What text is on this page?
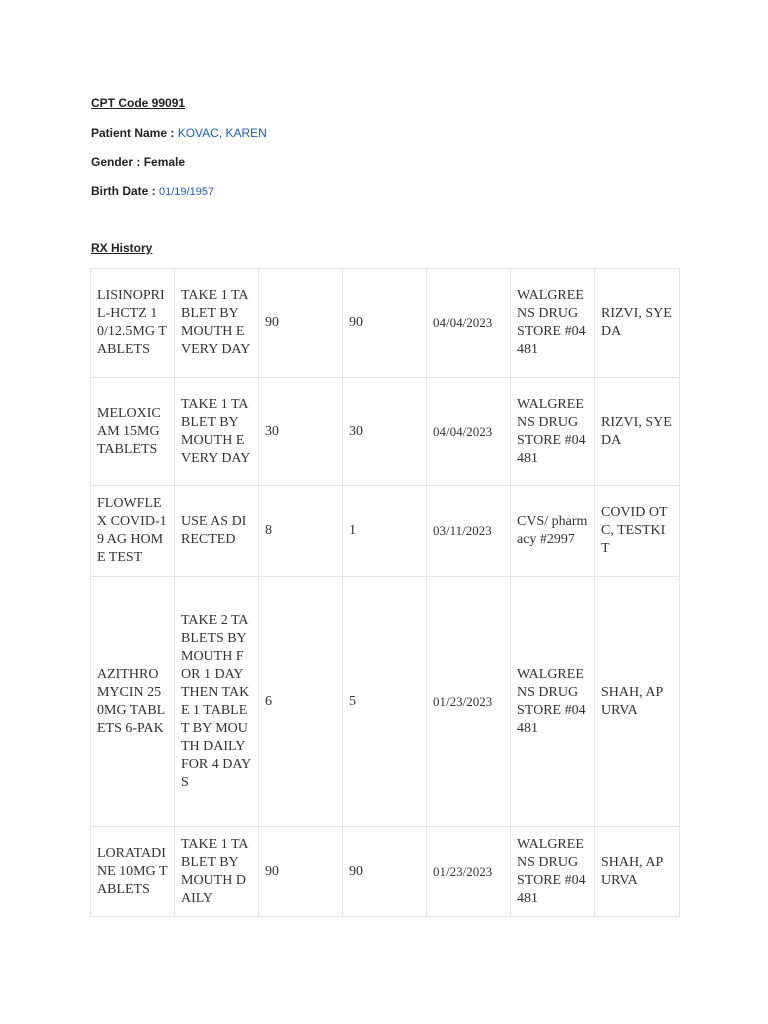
CPT Code 99091
Patient Name : KOVAC, KAREN
Gender : Female
Birth Date : 01/19/1957
RX History
LISINOPRIL-HCTZ 10/12.5MG TABLETS	TAKE 1 TABLET BY MOUTH EVERY DAY	90	90	04/04/2023	WALGREENS DRUG STORE #04481	RIZVI, SYEDA
MELOXICAM 15MG TABLETS	TAKE 1 TABLET BY MOUTH EVERY DAY	30	30	04/04/2023	WALGREENS DRUG STORE #04481	RIZVI, SYEDA
FLOWFLEX COVID-19 AG HOME TEST	USE AS DIRECTED	8	1	03/11/2023	CVS/ pharmacy #2997	COVID OTC, TESTKIT
AZITHROMYCIN 250MG TABLETS 6-PAK	TAKE 2 TABLETS BY MOUTH FOR 1 DAY THEN TAKE 1 TABLET BY MOUTH DAILY FOR 4 DAYS	6	5	01/23/2023	WALGREENS DRUG STORE #04481	SHAH, APURVA
LORATADINE 10MG TABLETS	TAKE 1 TABLET BY MOUTH DAILY	90	90	01/23/2023	WALGREENS DRUG STORE #04481	SHAH, APURVA
